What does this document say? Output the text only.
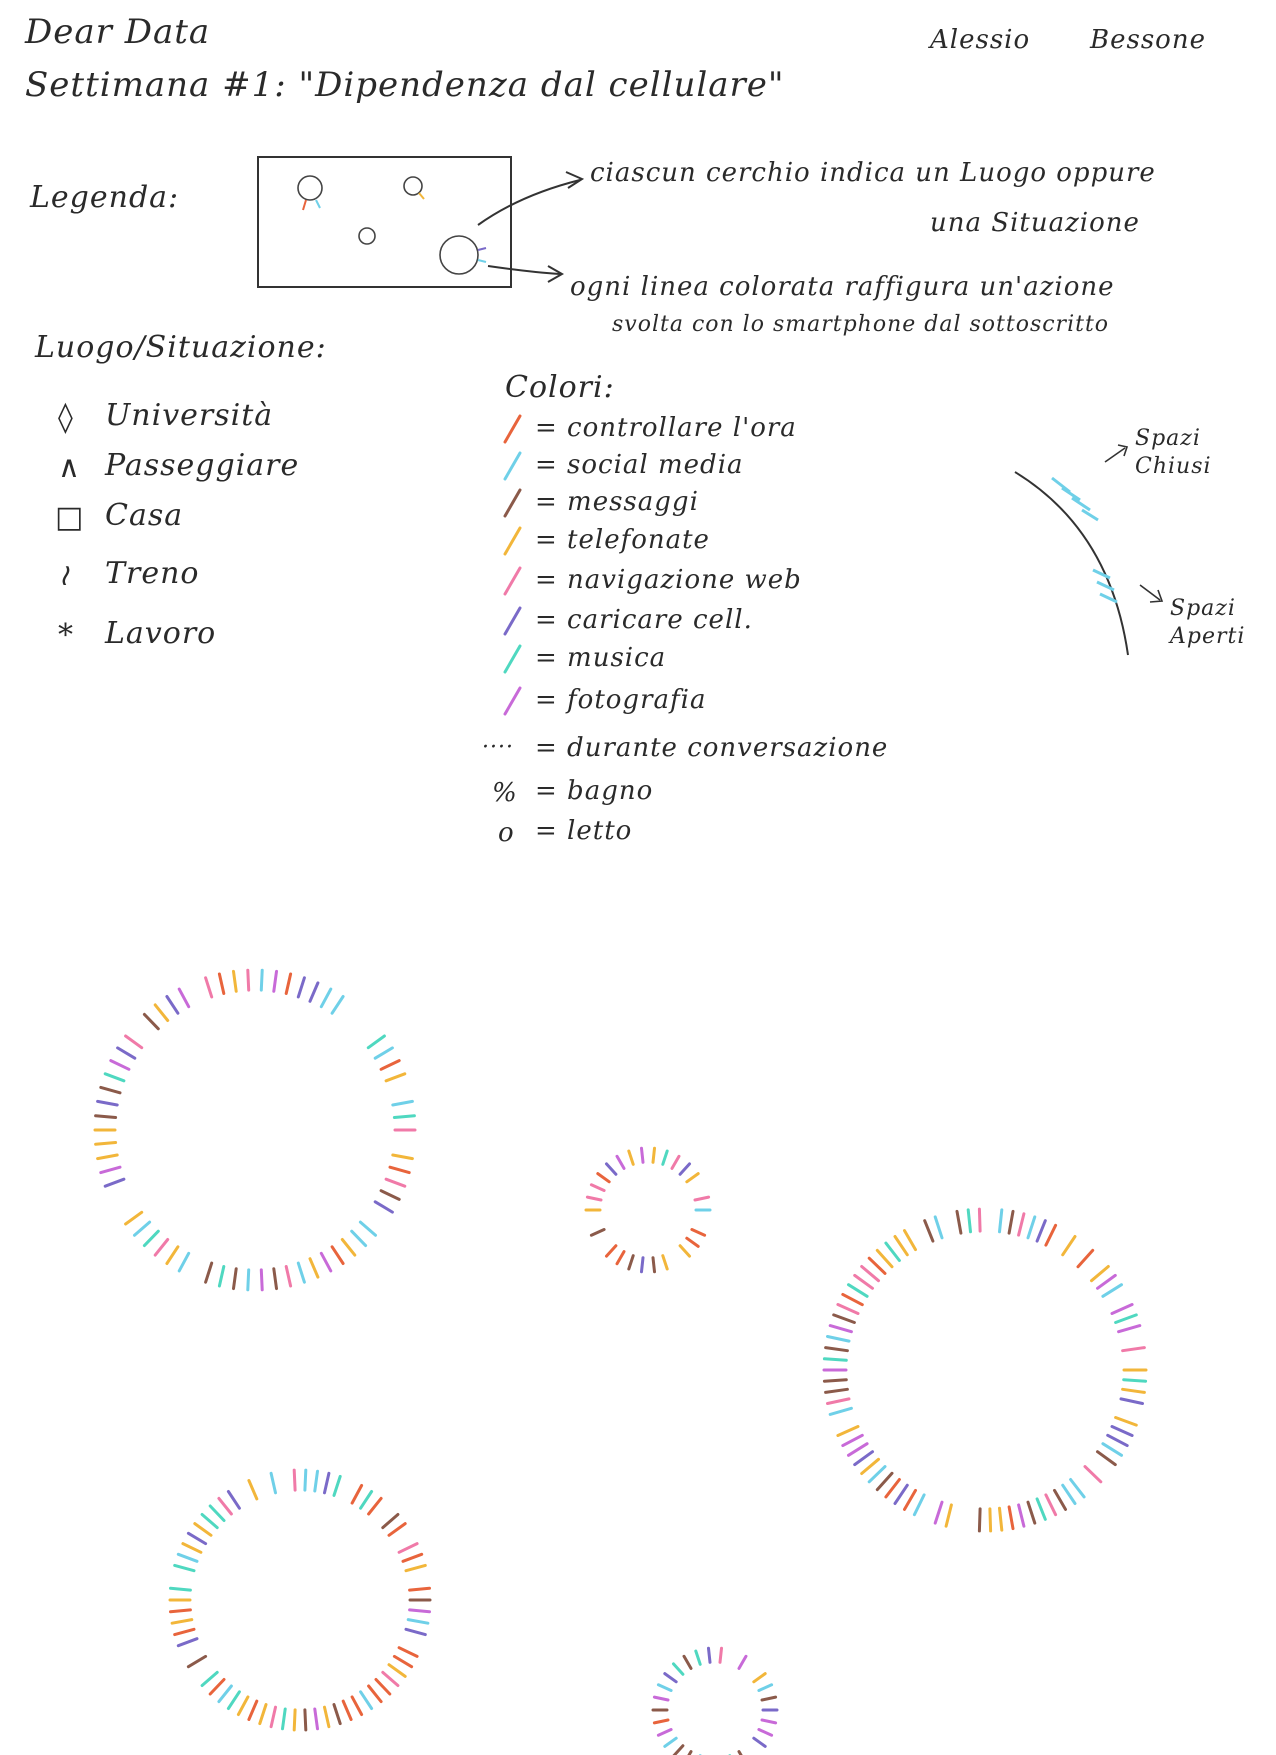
Dear Data
Settimana #1: "Dipendenza dal cellulare"
Alessio Bessone
Legenda:
ciascun cerchio indica un Luogo oppure
una Situazione
ogni linea colorata raffigura un'azione
svolta con lo smartphone dal sottoscritto
Luogo/Situazione:
◊ Università
∧ Passeggiare
□ Casa
≀ Treno
* Lavoro
Colori:
= controllare l'ora
= social media
= messaggi
= telefonate
= navigazione web
= caricare cell.
= musica
= fotografia
···· = durante conversazione
% = bagno
o = letto
Spazi Chiusi
Spazi Aperti
